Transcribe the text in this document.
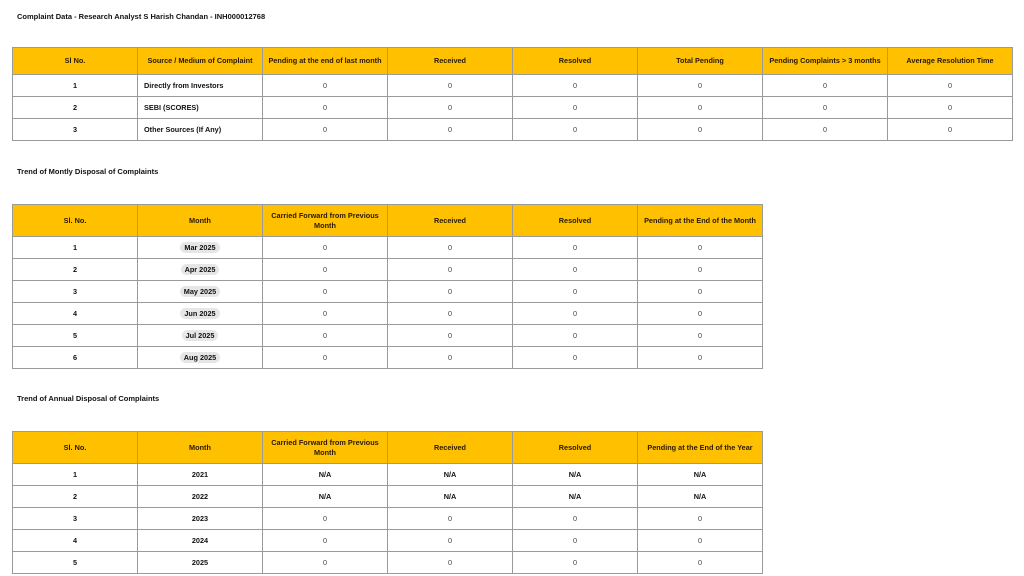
Complaint Data - Research Analyst S Harish Chandan - INH000012768
Sl No.	Source / Medium of Complaint	Pending at the end of last month	Received	Resolved	Total Pending	Pending Complaints > 3 months	Average Resolution Time
1	Directly from Investors	0	0	0	0	0	0
2	SEBI (SCORES)	0	0	0	0	0	0
3	Other Sources (If Any)	0	0	0	0	0	0
Trend of Montly Disposal of Complaints
Sl. No.	Month	Carried Forward from Previous Month	Received	Resolved	Pending at the End of the Month
1	Mar 2025	0	0	0	0
2	Apr 2025	0	0	0	0
3	May 2025	0	0	0	0
4	Jun 2025	0	0	0	0
5	Jul 2025	0	0	0	0
6	Aug 2025	0	0	0	0
Trend of Annual Disposal of Complaints
Sl. No.	Month	Carried Forward from Previous Month	Received	Resolved	Pending at the End of the Year
1	2021	N/A	N/A	N/A	N/A
2	2022	N/A	N/A	N/A	N/A
3	2023	0	0	0	0
4	2024	0	0	0	0
5	2025	0	0	0	0
